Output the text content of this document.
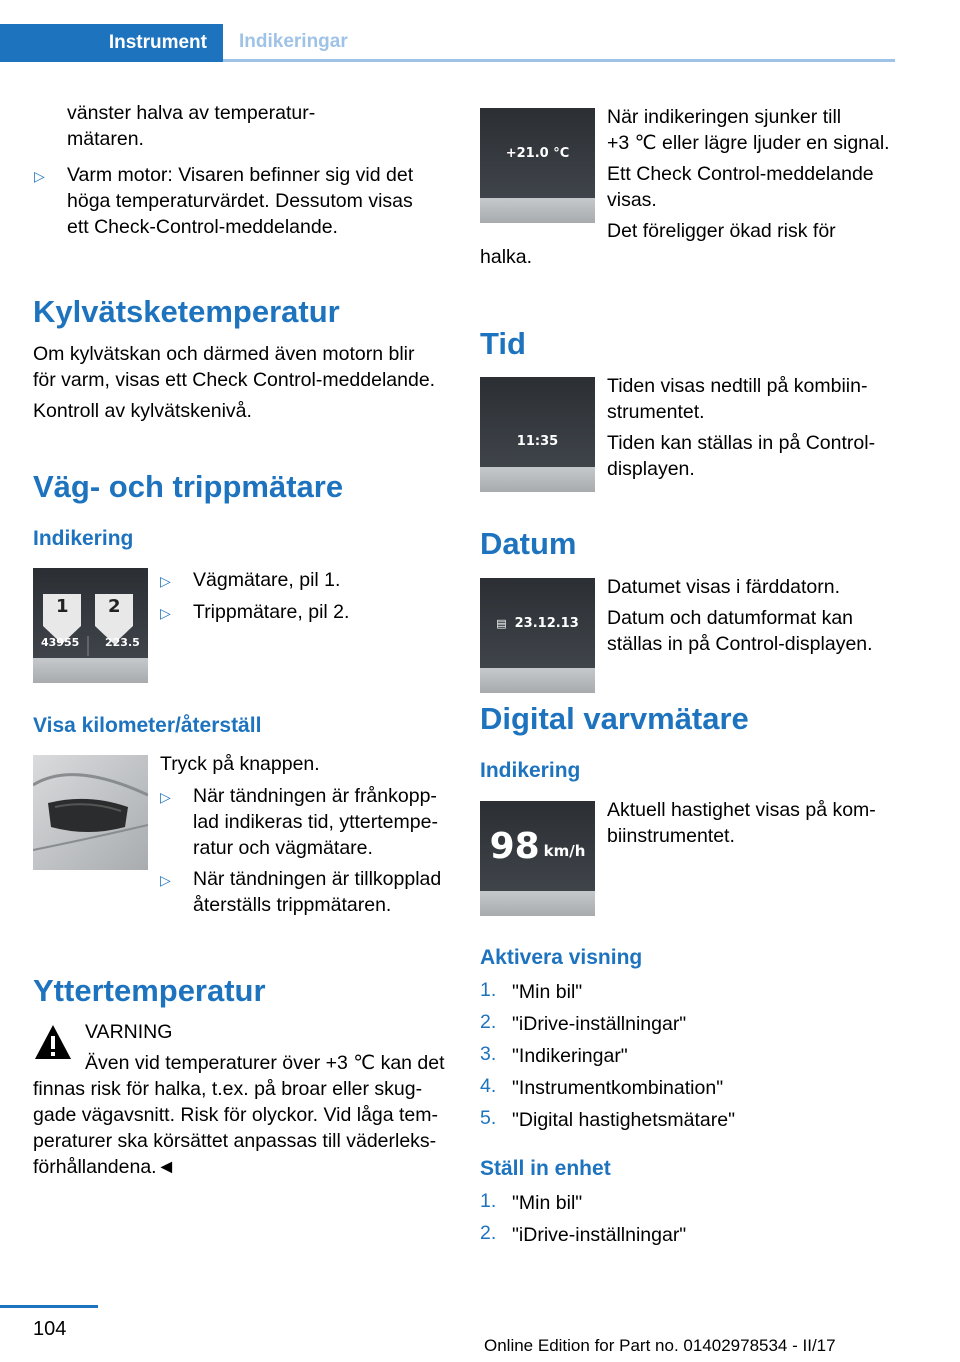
Instrument	Indikeringar

vänster halva av temperatur-

mätaren.

▷ Varm motor: Visaren befinner sig vid det

höga temperaturvärdet. Dessutom visas

ett Check-Control-meddelande.

Kylvätsketemperatur

Om kylvätskan och därmed även motorn blir

för varm, visas ett Check Control-meddelande.

Kontroll av kylvätskenivå.

Väg- och trippmätare
Indikering
1 2
43955 223.5
▷ Vägmätare, pil 1.

▷ Trippmätare, pil 2.

Visa kilometer/återställ

Tryck på knappen.

▷ När tändningen är frånkopp-

lad indikeras tid, yttertempe-

ratur och vägmätare.

▷ När tändningen är tillkopplad

återställs trippmätaren.

Yttertemperatur

VARNING

Även vid temperaturer över +3 ℃ kan det

finnas risk för halka, t.ex. på broar eller skug-

gade vägavsnitt. Risk för olyckor. Vid låga tem-

peraturer ska körsättet anpassas till väderleks-

förhållandena.◄

+21.0 °C

När indikeringen sjunker till

+3 ℃ eller lägre ljuder en signal.

Ett Check Control-meddelande

visas.

Det föreligger ökad risk för

halka.

Tid
11:35

Tiden visas nedtill på kombiin-

strumentet.

Tiden kan ställas in på Control-

displayen.

Datum
▤ 23.12.13

Datumet visas i färddatorn.

Datum och datumformat kan

ställas in på Control-displayen.

Digital varvmätare
Indikering
98 km/h

Aktuell hastighet visas på kom-

biinstrumentet.

Aktivera visning
1. "Min bil"

2. "iDrive-inställningar"

3. "Indikeringar"

4. "Instrumentkombination"

5. "Digital hastighetsmätare"

Ställ in enhet
1. "Min bil"

2. "iDrive-inställningar"

104
Online Edition for Part no. 01402978534 - II/17
